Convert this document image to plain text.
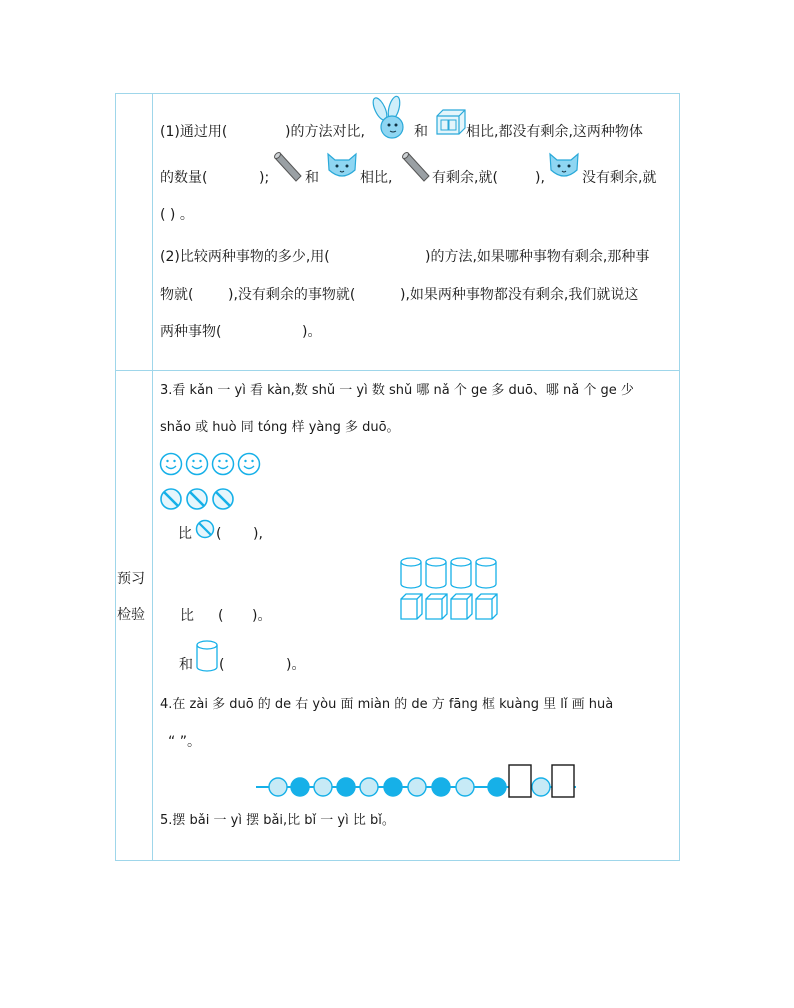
预习
检验
(1)通过用(	)的方法对比,	和	相比,都没有剩余,这两种物体
的数量(	);	和	相比,	有剩余,就(	),	没有剩余,就
( ) 。
(2)比较两种事物的多少,用(	)的方法,如果哪种事物有剩余,那种事
物就( ),没有剩余的事物就(	),如果两种事物都没有剩余,我们就说这
两种事物(	)。
3.看 kǎn 一 yì 看 kàn,数 shǔ 一 yì 数 shǔ 哪 nǎ 个 ge 多 duō、哪 nǎ 个 ge 少
shǎo 或 huò 同 tóng 样 yàng 多 duō。
比 ( ),
比 ( )。
和 (	)。
4.在 zài 多 duō 的 de 右 yòu 面 miàn 的 de 方 fāng 框 kuàng 里 lǐ 画 huà
“ ”。
5.摆 bǎi 一 yì 摆 bǎi,比 bǐ 一 yì 比 bǐ。
